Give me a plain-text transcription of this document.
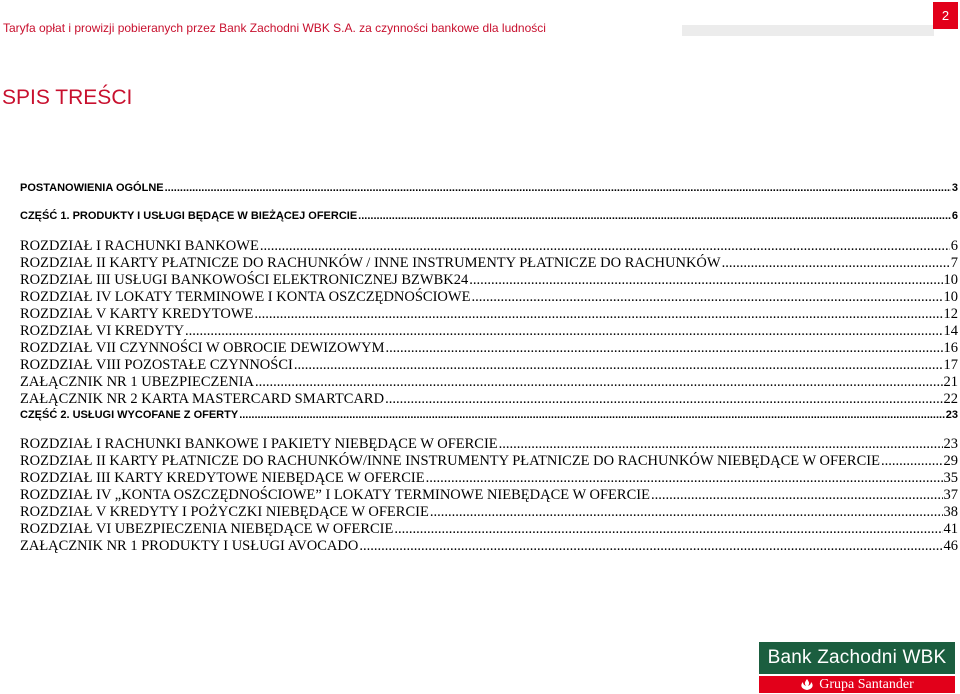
Taryfa opłat i prowizji pobieranych przez Bank Zachodni WBK S.A. za czynności bankowe dla ludności
2
SPIS TREŚCI
POSTANOWIENIA OGÓLNE .....	3
CZĘŚĆ 1. PRODUKTY I USŁUGI BĘDĄCE W BIEŻĄCEJ OFERCIE .....	6
ROZDZIAŁ I RACHUNKI BANKOWE .....	6
ROZDZIAŁ II KARTY PŁATNICZE DO RACHUNKÓW / INNE INSTRUMENTY PŁATNICZE DO RACHUNKÓW .....	7
ROZDZIAŁ III USŁUGI BANKOWOŚCI ELEKTRONICZNEJ BZWBK24 .....	10
ROZDZIAŁ IV LOKATY TERMINOWE I KONTA OSZCZĘDNOŚCIOWE .....	10
ROZDZIAŁ V KARTY KREDYTOWE .....	12
ROZDZIAŁ VI KREDYTY .....	14
ROZDZIAŁ VII CZYNNOŚCI W OBROCIE DEWIZOWYM .....	16
ROZDZIAŁ VIII POZOSTAŁE CZYNNOŚCI .....	17
ZAŁĄCZNIK NR 1 UBEZPIECZENIA .....	21
ZAŁĄCZNIK NR 2 KARTA MASTERCARD SMARTCARD .....	22
CZĘŚĆ 2. USŁUGI WYCOFANE Z OFERTY .....	23
ROZDZIAŁ I RACHUNKI BANKOWE I PAKIETY NIEBĘDĄCE W OFERCIE .....	23
ROZDZIAŁ II KARTY PŁATNICZE DO RACHUNKÓW/INNE INSTRUMENTY PŁATNICZE DO RACHUNKÓW NIEBĘDĄCE W OFERCIE .....	29
ROZDZIAŁ III KARTY KREDYTOWE NIEBĘDĄCE W OFERCIE .....	35
ROZDZIAŁ IV „KONTA OSZCZĘDNOŚCIOWE” I LOKATY TERMINOWE NIEBĘDĄCE W OFERCIE .....	37
ROZDZIAŁ V KREDYTY I POŻYCZKI NIEBĘDĄCE W OFERCIE .....	38
ROZDZIAŁ VI UBEZPIECZENIA NIEBĘDĄCE W OFERCIE .....	41
ZAŁĄCZNIK NR 1 PRODUKTY I USŁUGI AVOCADO .....	46
Bank Zachodni WBK
Grupa Santander
